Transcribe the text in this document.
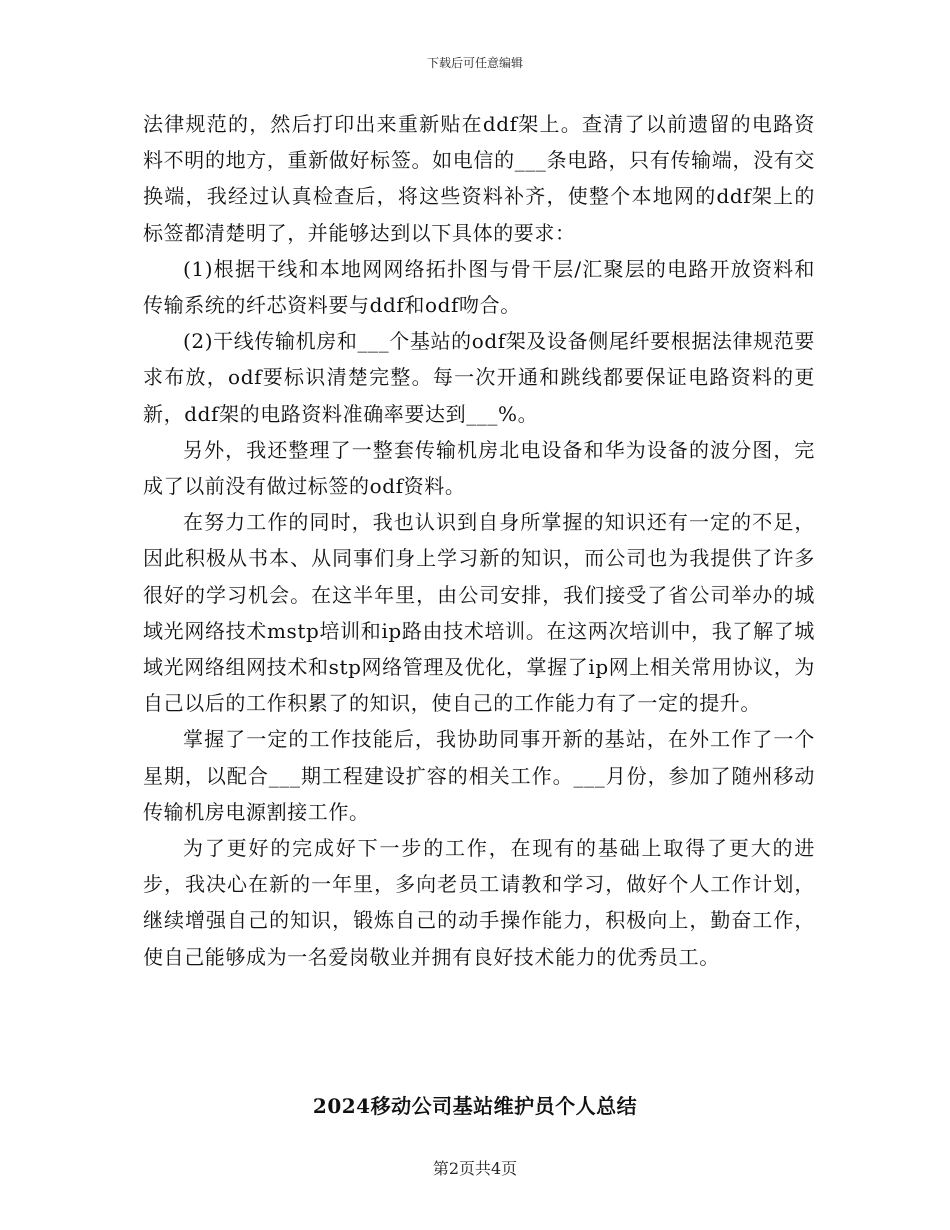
下载后可任意编辑

法律规范的，然后打印出来重新贴在ddf架上。查清了以前遗留的电路资料不明的地方，重新做好标签。如电信的___条电路，只有传输端，没有交换端，我经过认真检查后，将这些资料补齐，使整个本地网的ddf架上的标签都清楚明了，并能够达到以下具体的要求：

(1)根据干线和本地网网络拓扑图与骨干层/汇聚层的电路开放资料和传输系统的纤芯资料要与ddf和odf吻合。

(2)干线传输机房和___个基站的odf架及设备侧尾纤要根据法律规范要求布放，odf要标识清楚完整。每一次开通和跳线都要保证电路资料的更新，ddf架的电路资料准确率要达到___%。

另外，我还整理了一整套传输机房北电设备和华为设备的波分图，完成了以前没有做过标签的odf资料。

在努力工作的同时，我也认识到自身所掌握的知识还有一定的不足，因此积极从书本、从同事们身上学习新的知识，而公司也为我提供了许多很好的学习机会。在这半年里，由公司安排，我们接受了省公司举办的城域光网络技术mstp培训和ip路由技术培训。在这两次培训中，我了解了城域光网络组网技术和stp网络管理及优化，掌握了ip网上相关常用协议，为自己以后的工作积累了的知识，使自己的工作能力有了一定的提升。

掌握了一定的工作技能后，我协助同事开新的基站，在外工作了一个星期，以配合___期工程建设扩容的相关工作。___月份，参加了随州移动传输机房电源割接工作。

为了更好的完成好下一步的工作，在现有的基础上取得了更大的进步，我决心在新的一年里，多向老员工请教和学习，做好个人工作计划，继续增强自己的知识，锻炼自己的动手操作能力，积极向上，勤奋工作，使自己能够成为一名爱岗敬业并拥有良好技术能力的优秀员工。

2024移动公司基站维护员个人总结
第2页共4页
